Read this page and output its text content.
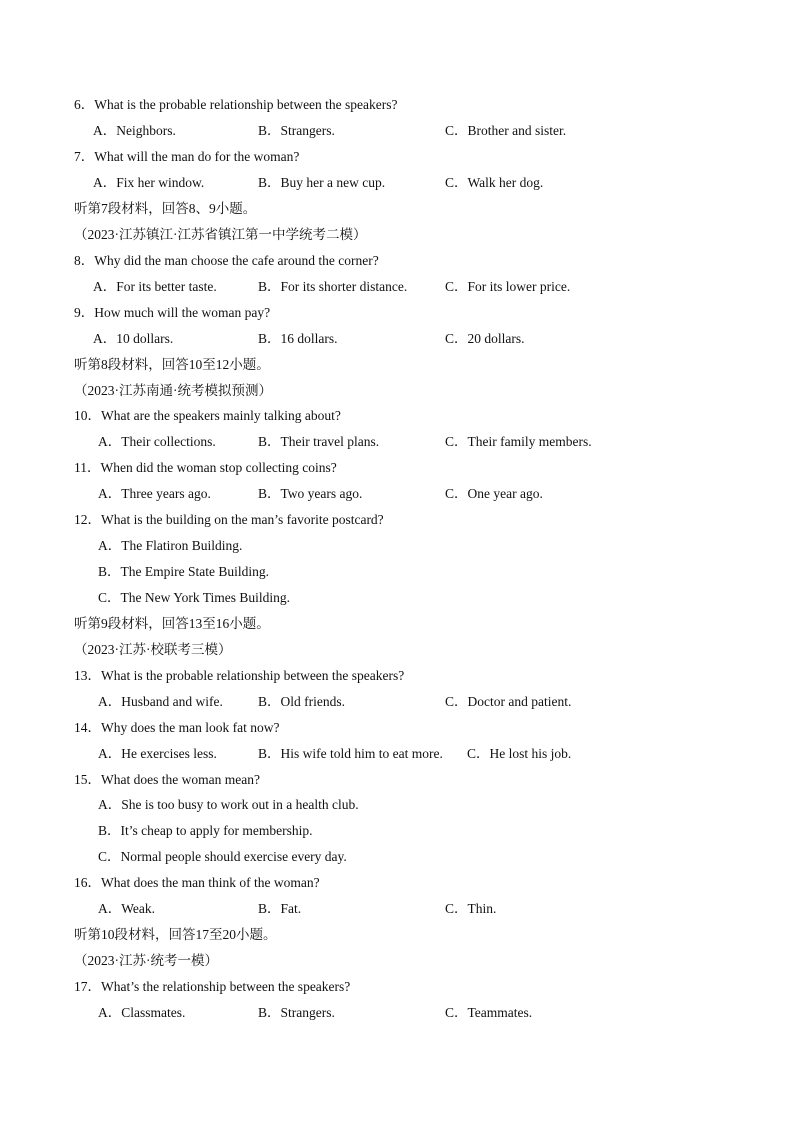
6．What is the probable relationship between the speakers?
A．Neighbors.	B．Strangers.	C．Brother and sister.
7．What will the man do for the woman?
A．Fix her window.	B．Buy her a new cup.	C．Walk her dog.
听第7段材料，回答8、9小题。
（2023·江苏镇江·江苏省镇江第一中学统考二模）
8．Why did the man choose the cafe around the corner?
A．For its better taste.	B．For its shorter distance.	C．For its lower price.
9．How much will the woman pay?
A．10 dollars.	B．16 dollars.	C．20 dollars.
听第8段材料，回答10至12小题。
（2023·江苏南通·统考模拟预测）
10．What are the speakers mainly talking about?
A．Their collections.	B．Their travel plans.	C．Their family members.
11．When did the woman stop collecting coins?
A．Three years ago.	B．Two years ago.	C．One year ago.
12．What is the building on the man’s favorite postcard?
A．The Flatiron Building.
B．The Empire State Building.
C．The New York Times Building.
听第9段材料，回答13至16小题。
（2023·江苏·校联考三模）
13．What is the probable relationship between the speakers?
A．Husband and wife.	B．Old friends.	C．Doctor and patient.
14．Why does the man look fat now?
A．He exercises less.	B．His wife told him to eat more. C．He lost his job.
15．What does the woman mean?
A．She is too busy to work out in a health club.
B．It’s cheap to apply for membership.
C．Normal people should exercise every day.
16．What does the man think of the woman?
A．Weak.	B．Fat.	C．Thin.
听第10段材料，回答17至20小题。
（2023·江苏·统考一模）
17．What’s the relationship between the speakers?
A．Classmates.	B．Strangers.	C．Teammates.
